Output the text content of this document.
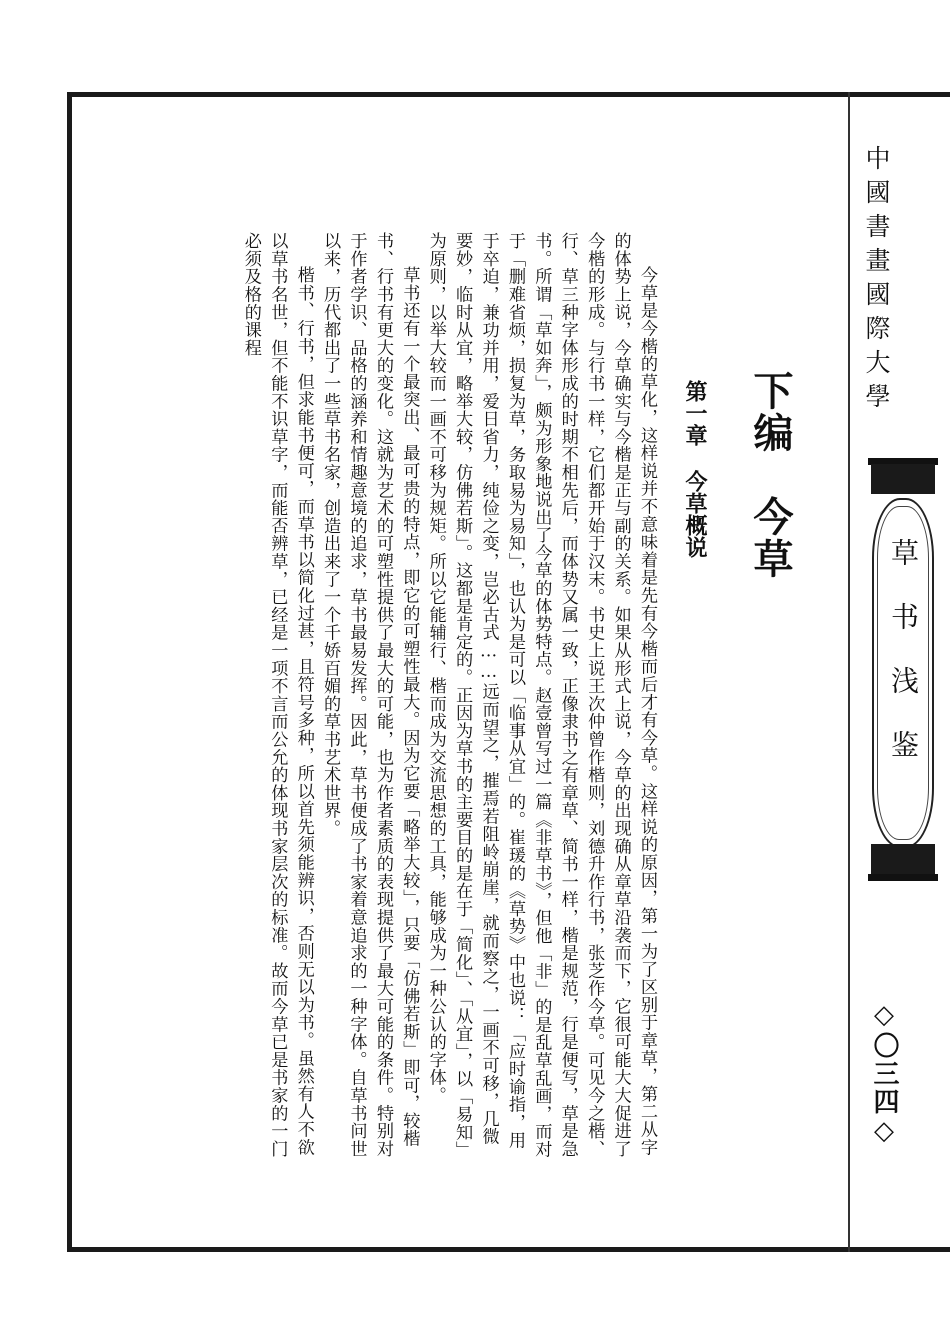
中國書畫國際大學
草书浅鉴
◇〇三四◇
下编今草
第一章今草概说

今草是今楷的草化，这样说并不意味着是先有今楷而后才有今草。这样说的原因，第一为了区别于章草，第二从字的体势上说，今草确实与今楷是正与副的关系。如果从形式上说，今草的出现确从章草沿袭而下，它很可能大大促进了今楷的形成。与行书一样，它们都开始于汉末。书史上说王次仲曾作楷则，刘德升作行书，张芝作今草。可见今之楷、行、草三种字体形成的时期不相先后，而体势又属一致，正像隶书之有章草、简书一样，楷是规范，行是便写，草是急书。所谓「草如奔」，颇为形象地说出了今草的体势特点。赵壹曾写过一篇《非草书》，但他「非」的是乱草乱画，而对于「删难省烦，损复为草，务取易为易知」，也认为是可以「临事从宜」的。崔瑗的《草势》中也说：「应时谕指，用于卒迫，兼功并用，爱日省力，纯俭之变，岂必古式……远而望之，摧焉若阻岭崩崖，就而察之，一画不可移，几微要妙，临时从宜，略举大较，仿佛若斯」。这都是肯定的。正因为草书的主要目的是在于「简化」、「从宜」，以「易知」为原则，以举大较而一画不可移为规矩。所以它能辅行、楷而成为交流思想的工具，能够成为一种公认的字体。

草书还有一个最突出、最可贵的特点，即它的可塑性最大。因为它要「略举大较」，只要「仿佛若斯」即可，较楷书、行书有更大的变化。这就为艺术的可塑性提供了最大的可能，也为作者素质的表现提供了最大可能的条件。特别对于作者学识、品格的涵养和情趣意境的追求，草书最易发挥。因此，草书便成了书家着意追求的一种字体。自草书问世以来，历代都出了一些草书名家，创造出来了一个千娇百媚的草书艺术世界。

楷书、行书，但求能书便可，而草书以简化过甚，且符号多种，所以首先须能辨识，否则无以为书。虽然有人不欲以草书名世，但不能不识草字，而能否辨草，已经是一项不言而公允的体现书家层次的标准。故而今草已是书家的一门必须及格的课程
